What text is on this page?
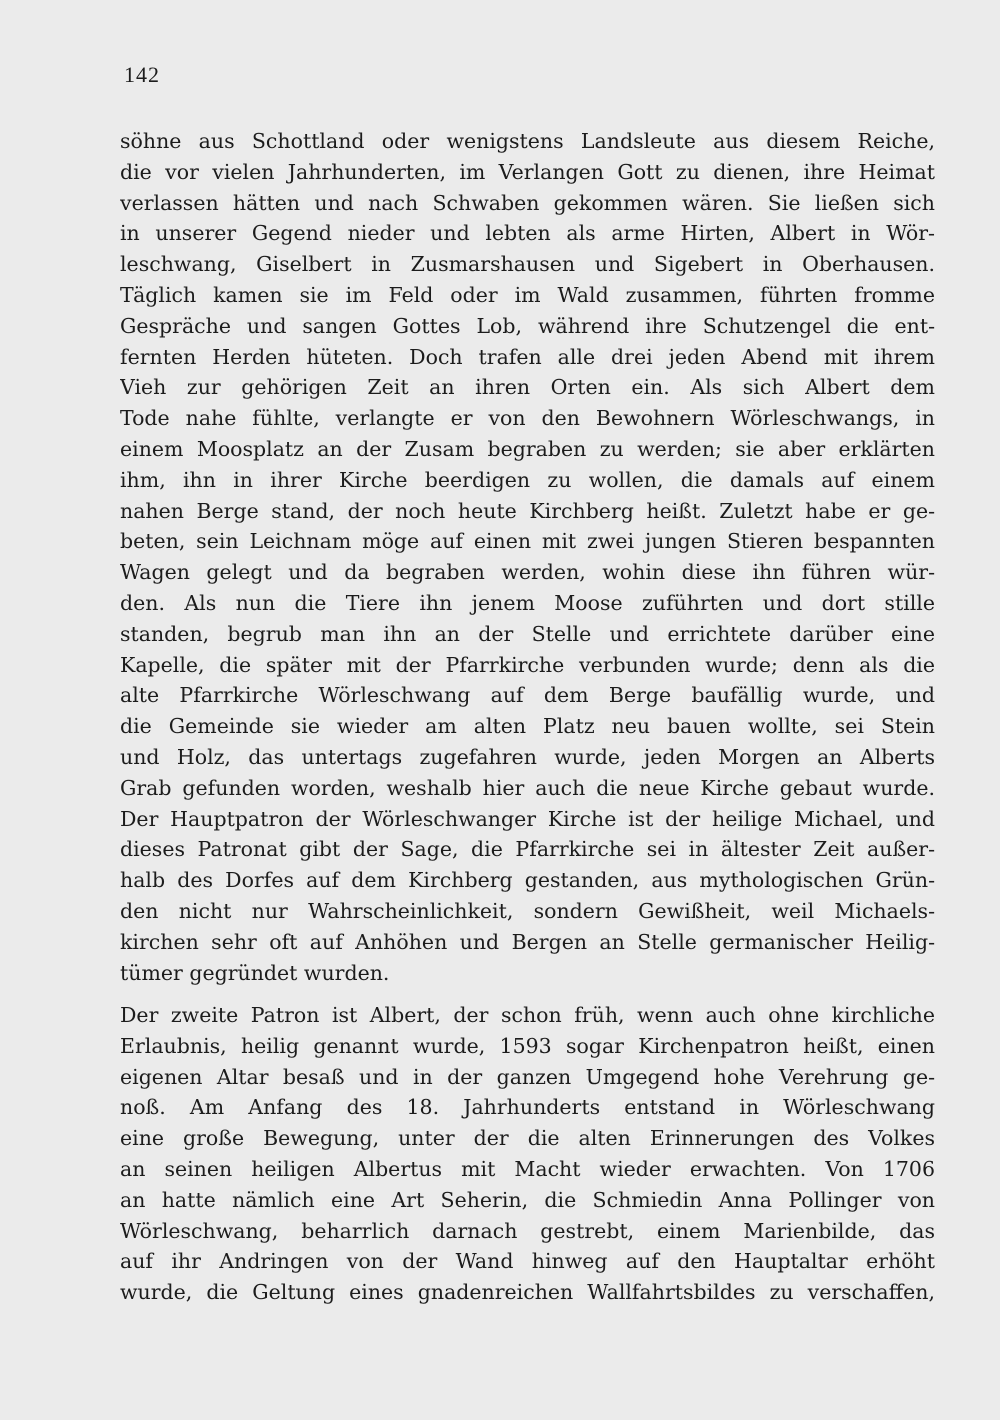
142
söhne aus Schottland oder wenigstens Landsleute aus diesem Reiche,
die vor vielen Jahrhunderten, im Verlangen Gott zu dienen, ihre Heimat
verlassen hätten und nach Schwaben gekommen wären. Sie ließen sich
in unserer Gegend nieder und lebten als arme Hirten, Albert in Wör-
leschwang, Giselbert in Zusmarshausen und Sigebert in Oberhausen.
Täglich kamen sie im Feld oder im Wald zusammen, führten fromme
Gespräche und sangen Gottes Lob, während ihre Schutzengel die ent-
fernten Herden hüteten. Doch trafen alle drei jeden Abend mit ihrem
Vieh zur gehörigen Zeit an ihren Orten ein. Als sich Albert dem
Tode nahe fühlte, verlangte er von den Bewohnern Wörleschwangs, in
einem Moosplatz an der Zusam begraben zu werden; sie aber erklärten
ihm, ihn in ihrer Kirche beerdigen zu wollen, die damals auf einem
nahen Berge stand, der noch heute Kirchberg heißt. Zuletzt habe er ge-
beten, sein Leichnam möge auf einen mit zwei jungen Stieren bespannten
Wagen gelegt und da begraben werden, wohin diese ihn führen wür-
den. Als nun die Tiere ihn jenem Moose zuführten und dort stille
standen, begrub man ihn an der Stelle und errichtete darüber eine
Kapelle, die später mit der Pfarrkirche verbunden wurde; denn als die
alte Pfarrkirche Wörleschwang auf dem Berge baufällig wurde, und
die Gemeinde sie wieder am alten Platz neu bauen wollte, sei Stein
und Holz, das untertags zugefahren wurde, jeden Morgen an Alberts
Grab gefunden worden, weshalb hier auch die neue Kirche gebaut wurde.
Der Hauptpatron der Wörleschwanger Kirche ist der heilige Michael, und
dieses Patronat gibt der Sage, die Pfarrkirche sei in ältester Zeit außer-
halb des Dorfes auf dem Kirchberg gestanden, aus mythologischen Grün-
den nicht nur Wahrscheinlichkeit, sondern Gewißheit, weil Michaels-
kirchen sehr oft auf Anhöhen und Bergen an Stelle germanischer Heilig-
tümer gegründet wurden.
Der zweite Patron ist Albert, der schon früh, wenn auch ohne kirchliche
Erlaubnis, heilig genannt wurde, 1593 sogar Kirchenpatron heißt, einen
eigenen Altar besaß und in der ganzen Umgegend hohe Verehrung ge-
noß. Am Anfang des 18. Jahrhunderts entstand in Wörleschwang
eine große Bewegung, unter der die alten Erinnerungen des Volkes
an seinen heiligen Albertus mit Macht wieder erwachten. Von 1706
an hatte nämlich eine Art Seherin, die Schmiedin Anna Pollinger von
Wörleschwang, beharrlich darnach gestrebt, einem Marienbilde, das
auf ihr Andringen von der Wand hinweg auf den Hauptaltar erhöht
wurde, die Geltung eines gnadenreichen Wallfahrtsbildes zu verschaffen,
